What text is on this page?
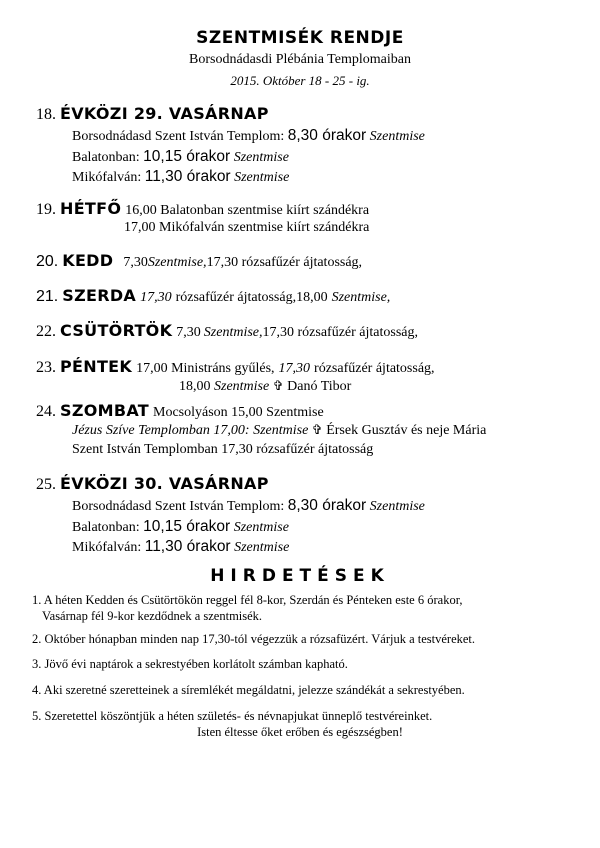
SZENTMISÉK RENDJE
Borsodnádasdi Plébánia Templomaiban
2015. Október 18 - 25 - ig.
18. ÉVKÖZI 29. VASÁRNAP
Borsodnádasd Szent István Templom: 8,30 órakor Szentmise
Balatonban: 10,15 órakor Szentmise
Mikófalván: 11,30 órakor Szentmise
19. HÉTFŐ 16,00 Balatonban szentmise kiírt szándékra
17,00 Mikófalván szentmise kiírt szándékra
20. KEDD 7,30Szentmise,17,30 rózsafűzér ájtatosság,
21. SZERDA 17,30 rózsafűzér ájtatosság,18,00 Szentmise,
22. CSÜTÖRTÖK 7,30 Szentmise,17,30 rózsafűzér ájtatosság,
23. PÉNTEK 17,00 Ministráns gyűlés, 17,30 rózsafűzér ájtatosság,
18,00 Szentmise ✞ Danó Tibor
24. SZOMBAT Mocsolyáson 15,00 Szentmise
Jézus Szíve Templomban 17,00: Szentmise ✞ Érsek Gusztáv és neje Mária
Szent István Templomban 17,30 rózsafűzér ájtatosság
25. ÉVKÖZI 30. VASÁRNAP
Borsodnádasd Szent István Templom: 8,30 órakor Szentmise
Balatonban: 10,15 órakor Szentmise
Mikófalván: 11,30 órakor Szentmise
HIRDETÉSEK
1. A héten Kedden és Csütörtökön reggel fél 8-kor, Szerdán és Pénteken este 6 órakor,
Vasárnap fél 9-kor kezdődnek a szentmisék.
2. Október hónapban minden nap 17,30-tól végezzük a rózsafüzért. Várjuk a testvéreket.
3. Jövő évi naptárok a sekrestyében korlátolt számban kapható.
4. Aki szeretné szeretteinek a síremlékét megáldatni, jelezze szándékát a sekrestyében.
5. Szeretettel köszöntjük a héten születés- és névnapjukat ünneplő testvéreinket.
Isten éltesse őket erőben és egészségben!
